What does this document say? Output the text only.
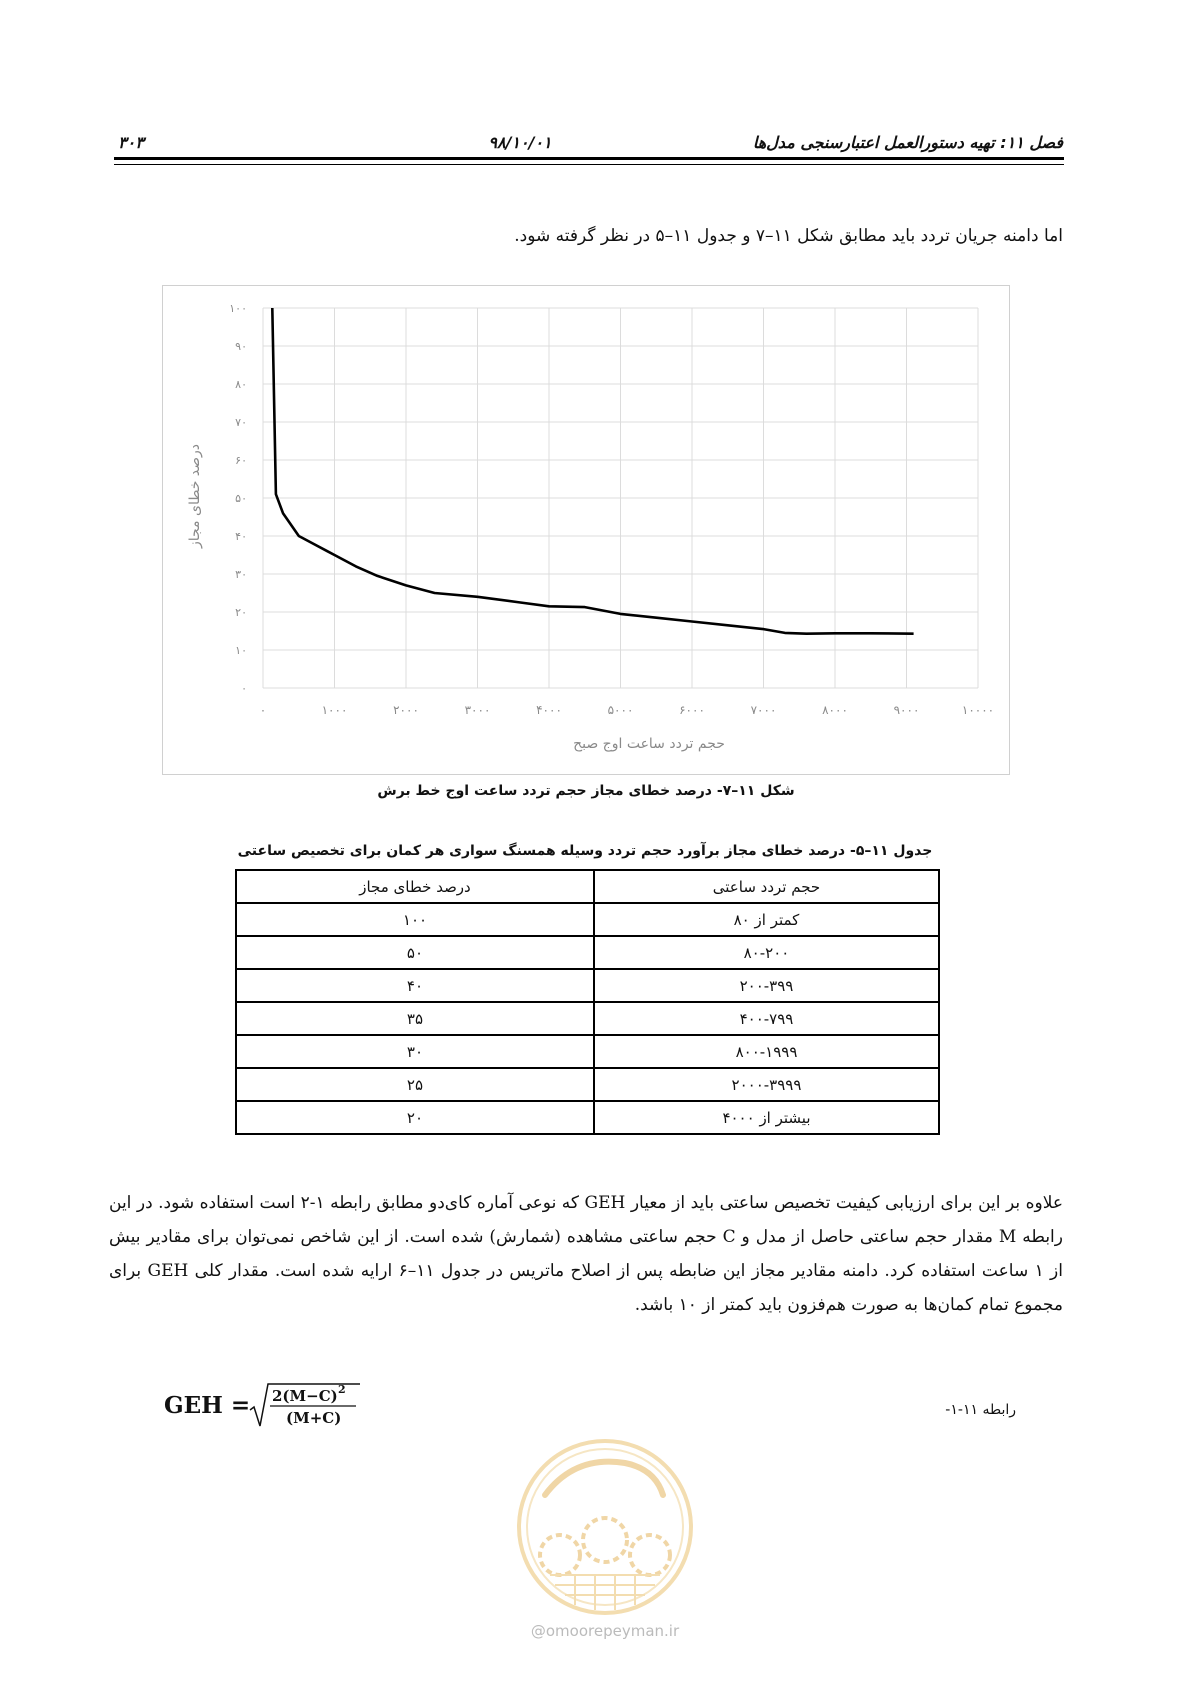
فصل ۱۱: تهیه دستورالعمل اعتبارسنجی مدل‌ها
۹۸/۱۰/۰۱
۳۰۳
اما دامنه جریان تردد باید مطابق شکل ۱۱–۷ و جدول ۱۱–۵ در نظر گرفته شود.
۰	۱۰۰۰	۲۰۰۰	۳۰۰۰	۴۰۰۰	۵۰۰۰	۶۰۰۰	۷۰۰۰	۸۰۰۰	۹۰۰۰	۱۰۰۰۰
۰
۱۰
۲۰
۳۰
۴۰
۵۰
۶۰
۷۰
۸۰
۹۰
۱۰۰
حجم تردد ساعت اوج صبح
درصد خطای مجاز
شکل ۱۱–۷- درصد خطای مجاز حجم تردد ساعت اوج خط برش
جدول ۱۱–۵- درصد خطای مجاز برآورد حجم تردد وسیله همسنگ سواری هر کمان برای تخصیص ساعتی
حجم تردد ساعتی	درصد خطای مجاز
کمتر از ۸۰	۱۰۰
۸۰-۲۰۰	۵۰
۲۰۰-۳۹۹	۴۰
۴۰۰-۷۹۹	۳۵
۸۰۰-۱۹۹۹	۳۰
۲۰۰۰-۳۹۹۹	۲۵
بیشتر از ۴۰۰۰	۲۰
علاوه بر این برای ارزیابی کیفیت تخصیص ساعتی باید از معیار GEH که نوعی آماره کای‌دو مطابق رابطه ۱-۲ است استفاده شود. در این رابطه M مقدار حجم ساعتی حاصل از مدل و C حجم ساعتی مشاهده (شمارش) شده است. از این شاخص نمی‌توان برای مقادیر بیش از ۱ ساعت استفاده کرد. دامنه مقادیر مجاز این ضابطه پس از اصلاح ماتریس در جدول ۱۱–۶ ارایه شده است. مقدار کلی GEH برای مجموع تمام کمان‌ها به صورت هم‌فزون باید کمتر از ۱۰ باشد.
GEH = 2(M−C) 2
(M+C)	رابطه ۱۱-۱-
@omoorepeyman.ir
